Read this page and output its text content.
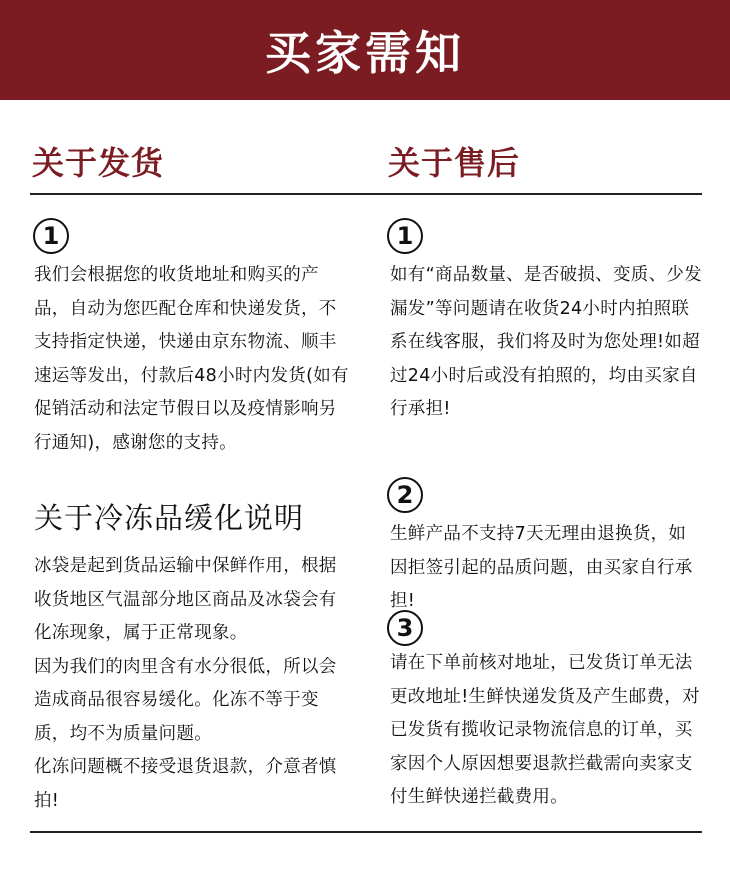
买家需知
关于发货	关于售后
1

我们会根据您的收货地址和购买的产品，自动为您匹配仓库和快递发货，不支持指定快递，快递由京东物流、顺丰速运等发出，付款后48小时内发货(如有促销活动和法定节假日以及疫情影响另行通知)，感谢您的支持。

关于冷冻品缓化说明
冰袋是起到货品运输中保鲜作用，根据收货地区气温部分地区商品及冰袋会有化冻现象，属于正常现象。
因为我们的肉里含有水分很低，所以会造成商品很容易缓化。化冻不等于变质，均不为质量问题。
化冻问题概不接受退货退款，介意者慎拍!
1

如有“商品数量、是否破损、变质、少发漏发”等问题请在收货24小时内拍照联系在线客服，我们将及时为您处理!如超过24小时后或没有拍照的，均由买家自行承担!

2

生鲜产品不支持7天无理由退换货，如因拒签引起的品质问题，由买家自行承担!

3

请在下单前核对地址，已发货订单无法更改地址!生鲜快递发货及产生邮费，对已发货有揽收记录物流信息的订单，买家因个人原因想要退款拦截需向卖家支付生鲜快递拦截费用。
